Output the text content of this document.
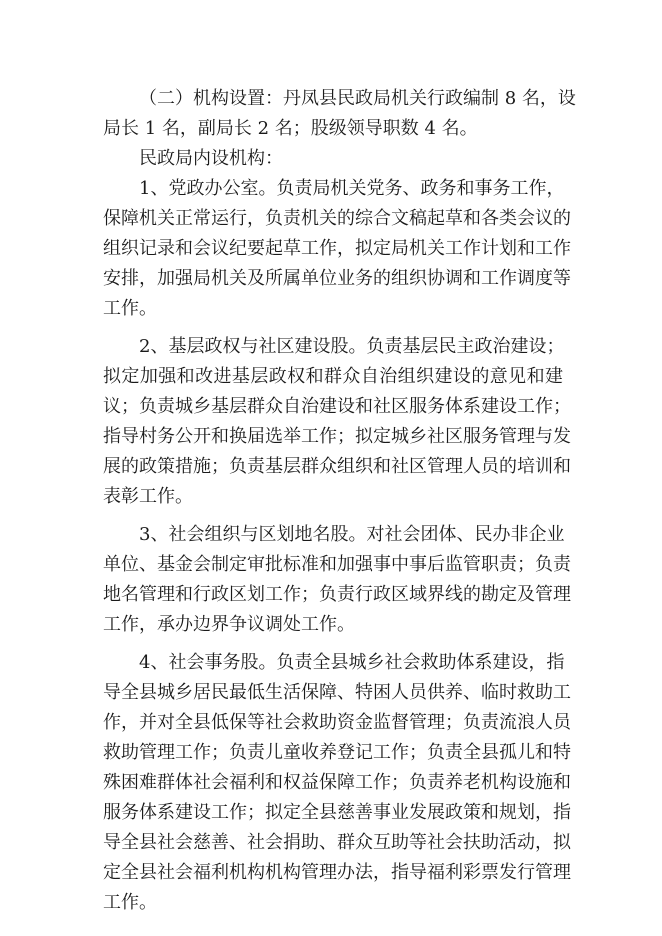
（二）机构设置：丹凤县民政局机关行政编制 8 名，设

局长 1 名，副局长 2 名；股级领导职数 4 名。

民政局内设机构：

1、党政办公室。负责局机关党务、政务和事务工作，

保障机关正常运行，负责机关的综合文稿起草和各类会议的

组织记录和会议纪要起草工作，拟定局机关工作计划和工作

安排，加强局机关及所属单位业务的组织协调和工作调度等

工作。

2、基层政权与社区建设股。负责基层民主政治建设；

拟定加强和改进基层政权和群众自治组织建设的意见和建

议；负责城乡基层群众自治建设和社区服务体系建设工作；

指导村务公开和换届选举工作；拟定城乡社区服务管理与发

展的政策措施；负责基层群众组织和社区管理人员的培训和

表彰工作。

3、社会组织与区划地名股。对社会团体、民办非企业

单位、基金会制定审批标准和加强事中事后监管职责；负责

地名管理和行政区划工作；负责行政区域界线的勘定及管理

工作，承办边界争议调处工作。

4、社会事务股。负责全县城乡社会救助体系建设，指

导全县城乡居民最低生活保障、特困人员供养、临时救助工

作，并对全县低保等社会救助资金监督管理；负责流浪人员

救助管理工作；负责儿童收养登记工作；负责全县孤儿和特

殊困难群体社会福利和权益保障工作；负责养老机构设施和

服务体系建设工作；拟定全县慈善事业发展政策和规划，指

导全县社会慈善、社会捐助、群众互助等社会扶助活动，拟

定全县社会福利机构机构管理办法，指导福利彩票发行管理

工作。
